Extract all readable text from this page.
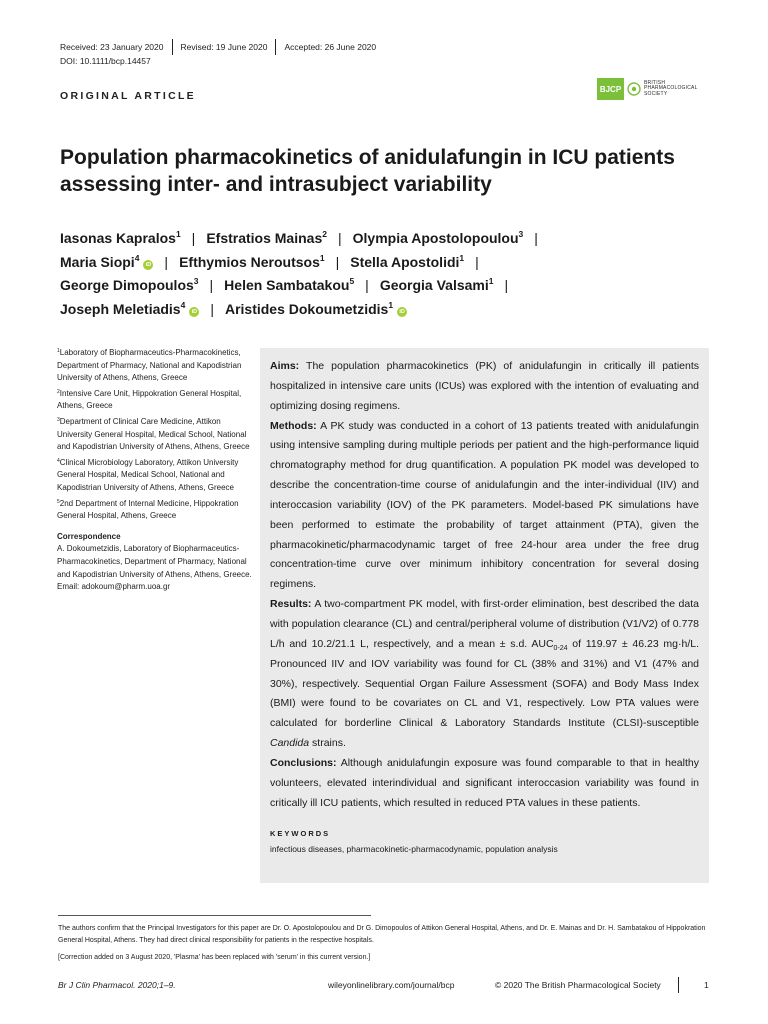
Received: 23 January 2020 Revised: 19 June 2020 Accepted: 26 June 2020
DOI: 10.1111/bcp.14457
ORIGINAL ARTICLE
BJCP
BRITISH
PHARMACOLOGICAL
SOCIETY
Population pharmacokinetics of anidulafungin in ICU patients assessing inter- and intrasubject variability
Iasonas Kapralos$^1$ | Efstratios Mainas$^2$ | Olympia Apostolopoulou$^3$ |
Maria Siopi$^4$iD | Efthymios Neroutsos$^1$ | Stella Apostolidi$^1$ |
George Dimopoulos$^3$ | Helen Sambatakou$^5$ | Georgia Valsami$^1$ |
Joseph Meletiadis$^4$iD | Aristides Dokoumetzidis$^1$iD
$^1$Laboratory of Biopharmaceutics-Pharmacokinetics, Department of Pharmacy, National and Kapodistrian University of Athens, Athens, Greece
$^2$Intensive Care Unit, Hippokration General Hospital, Athens, Greece
$^3$Department of Clinical Care Medicine, Attikon University General Hospital, Medical School, National and Kapodistrian University of Athens, Athens, Greece
$^4$Clinical Microbiology Laboratory, Attikon University General Hospital, Medical School, National and Kapodistrian University of Athens, Athens, Greece
$^5$2nd Department of Internal Medicine, Hippokration General Hospital, Athens, Greece
Correspondence
A. Dokoumetzidis, Laboratory of Biopharmaceutics-Pharmacokinetics, Department of Pharmacy, National and Kapodistrian University of Athens, Athens, Greece.
Email: adokoum@pharm.uoa.gr

Aims: The population pharmacokinetics (PK) of anidulafungin in critically ill patients hospitalized in intensive care units (ICUs) was explored with the intention of evaluating and optimizing dosing regimens.

Methods: A PK study was conducted in a cohort of 13 patients treated with anidulafungin using intensive sampling during multiple periods per patient and the high-performance liquid chromatography method for drug quantification. A population PK model was developed to describe the concentration-time course of anidulafungin and the inter-individual (IIV) and interoccasion variability (IOV) of the PK parameters. Model-based PK simulations have been performed to estimate the probability of target attainment (PTA), given the pharmacokinetic/pharmacodynamic target of free 24-hour area under the free drug concentration-time curve over minimum inhibitory concentration for several dosing regimens.

Results: A two-compartment PK model, with first-order elimination, best described the data with population clearance (CL) and central/peripheral volume of distribution (V1/V2) of 0.778 L/h and 10.2/21.1 L, respectively, and a mean ± s.d. $AUC_{0-24}$ of 119.97 ± 46.23 mg·h/L. Pronounced IIV and IOV variability was found for CL (38% and 31%) and V1 (47% and 30%), respectively. Sequential Organ Failure Assessment (SOFA) and Body Mass Index (BMI) were found to be covariates on CL and V1, respectively. Low PTA values were calculated for borderline Clinical & Laboratory Standards Institute (CLSI)-susceptible Candida strains.

Conclusions: Although anidulafungin exposure was found comparable to that in healthy volunteers, elevated interindividual and significant interoccasion variability was found in critically ill ICU patients, which resulted in reduced PTA values in these patients.

KEYWORDS

infectious diseases, pharmacokinetic-pharmacodynamic, population analysis

The authors confirm that the Principal Investigators for this paper are Dr. O. Apostolopoulou and Dr G. Dimopoulos of Attikon General Hospital, Athens, and Dr. E. Mainas and Dr. H. Sambatakou of Hippokration General Hospital, Athens. They had direct clinical responsibility for patients in the respective hospitals.
[Correction added on 3 August 2020, 'Plasma' has been replaced with 'serum' in this current version.]
Br J Clin Pharmacol. 2020;1–9.	wileyonlinelibrary.com/journal/bcp	© 2020 The British Pharmacological Society	1
